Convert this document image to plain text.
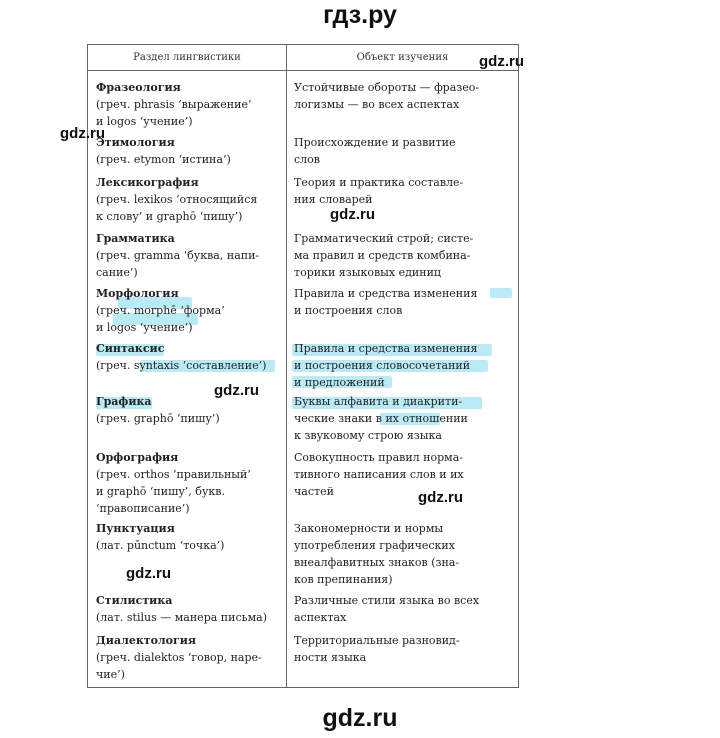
гдз.ру
Раздел лингвистики	Объект изучения
Фразеология
(греч. phrasis ‘выражение’
и logos ‘учение’)
Устойчивые обороты — фразео-
логизмы — во всех аспектах
Этимология
(греч. etymon ‘истина’)
Происхождение и развитие
слов
Лексикография
(греч. lexikos ‘относящийся
к слову’ и graphō ‘пишу’)
Теория и практика составле-
ния словарей
Грамматика
(греч. gramma ‘буква, напи-
сание’)
Грамматический строй; систе-
ма правил и средств комбина-
торики языковых единиц
Морфология
(греч. morphē ‘форма’
и logos ‘учение’)
Правила и средства изменения
и построения слов
Синтаксис
(греч. syntaxis ‘составление’)
Правила и средства изменения
и построения словосочетаний
и предложений
Графика
(греч. graphō ‘пишу’)
Буквы алфавита и диакрити-
ческие знаки в их отношении
к звуковому строю языка
Орфография
(греч. orthos ‘правильный’
и graphō ‘пишу’, букв.
‘правописание’)
Совокупность правил норма-
тивного написания слов и их
частей
Пунктуация
(лат. pūnctum ‘точка’)
Закономерности и нормы
употребления графических
внеалфавитных знаков (зна-
ков препинания)
Стилистика
(лат. stilus — манера письма)
Различные стили языка во всех
аспектах
Диалектология
(греч. dialektos ‘говор, наре-
чие’)
Территориальные разновид-
ности языка
gdz.ru
gdz.ru
gdz.ru
gdz.ru
gdz.ru
gdz.ru
gdz.ru
